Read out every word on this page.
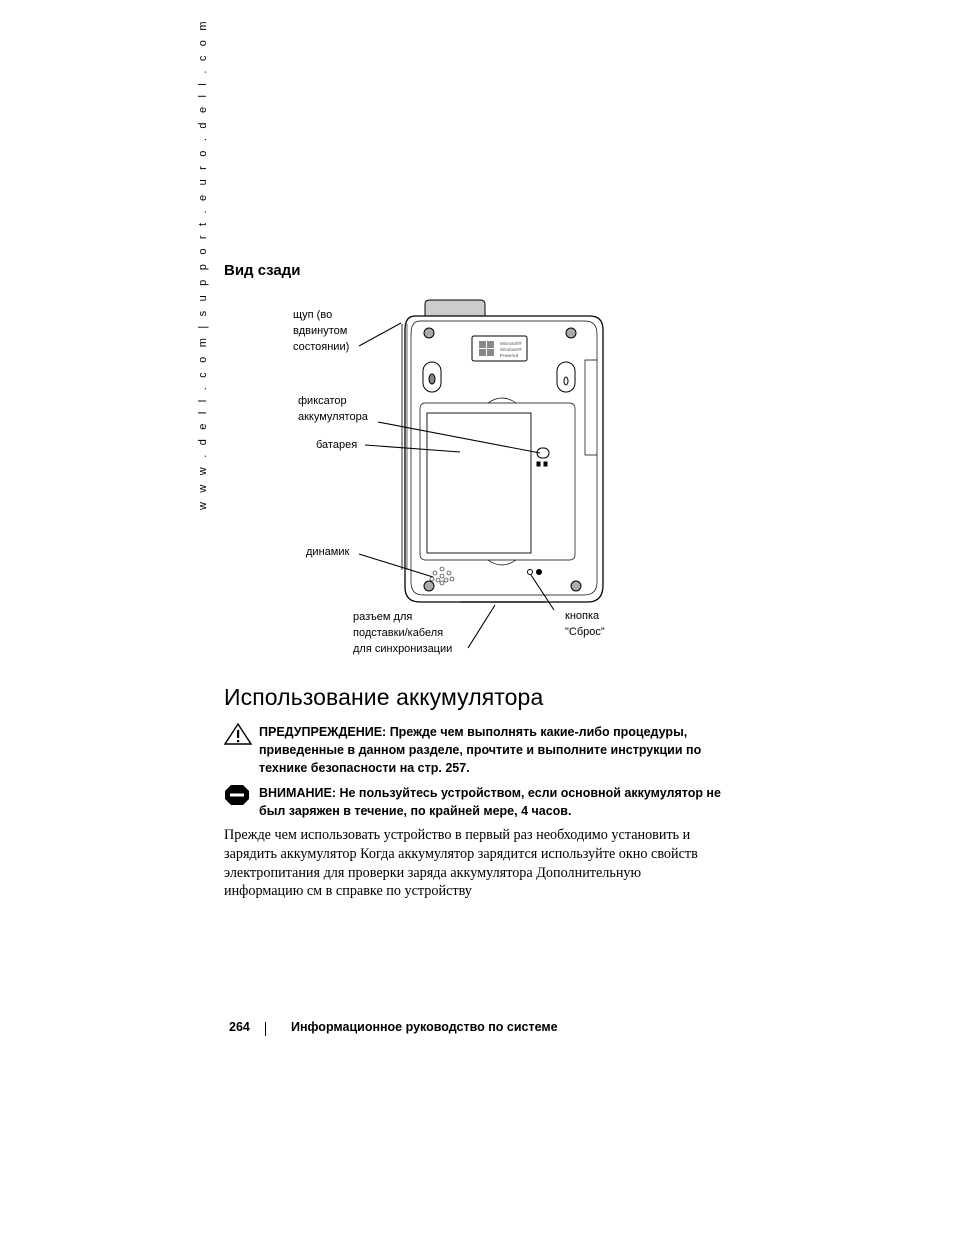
w w w . d e l l . c o m | s u p p o r t . e u r o . d e l l . c o m Вид сзади
Microsoft®
Windows®
Powered
щуп (во
вдвинутом
состоянии)
фиксатор
аккумулятора
батарея
динамик
разъем для
подставки/кабеля
для синхронизации
кнопка
"Сброс"
Использование аккумулятора
ПРЕДУПРЕЖДЕНИЕ: Прежде чем выполнять какие-либо процедуры, приведенные в данном разделе, прочтите и выполните инструкции по технике безопасности на стр. 257.
ВНИМАНИЕ: Не пользуйтесь устройством, если основной аккумулятор не был заряжен в течение, по крайней мере, 4 часов.
Прежде чем использовать устройство в первый раз необходимо установить и зарядить аккумулятор Когда аккумулятор зарядится используйте окно свойств электропитания для проверки заряда аккумулятора Дополнительную информацию см в справке по устройству
264	Информационное руководство по системе
